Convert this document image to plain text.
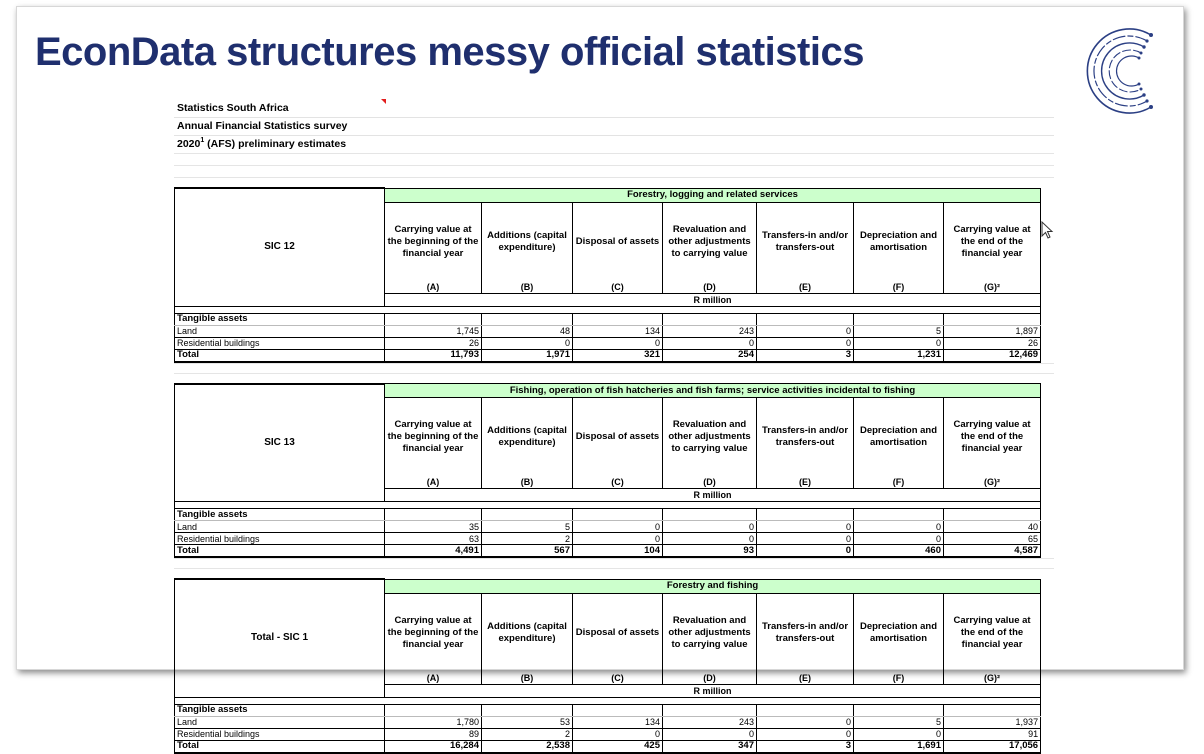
EconData structures messy official statistics
Statistics South Africa
Annual Financial Statistics survey
2020$^1$ (AFS) preliminary estimates
SIC 12	Forestry, logging and related services						
	Carrying value at the beginning of the financial year	Additions (capital expenditure)	Disposal of assets	Revaluation and other adjustments to carrying value	Transfers-in and/or transfers-out	Depreciation and amortisation	Carrying value at the end of the financial year
	(A)	(B)	(C)	(D)	(E)	(F)	(G)²
	R million						

Tangible assets							
Land	1,745	48	134	243	0	5	1,897
Residential buildings	26	0	0	0	0	0	26
Total	11,793	1,971	321	254	3	1,231	12,469
SIC 13	Fishing, operation of fish hatcheries and fish farms; service activities incidental to fishing						
	Carrying value at the beginning of the financial year	Additions (capital expenditure)	Disposal of assets	Revaluation and other adjustments to carrying value	Transfers-in and/or transfers-out	Depreciation and amortisation	Carrying value at the end of the financial year
	(A)	(B)	(C)	(D)	(E)	(F)	(G)²
	R million						

Tangible assets							
Land	35	5	0	0	0	0	40
Residential buildings	63	2	0	0	0	0	65
Total	4,491	567	104	93	0	460	4,587
Total - SIC 1	Forestry and fishing						
	Carrying value at the beginning of the financial year	Additions (capital expenditure)	Disposal of assets	Revaluation and other adjustments to carrying value	Transfers-in and/or transfers-out	Depreciation and amortisation	Carrying value at the end of the financial year
	(A)	(B)	(C)	(D)	(E)	(F)	(G)²
	R million						

Tangible assets							
Land	1,780	53	134	243	0	5	1,937
Residential buildings	89	2	0	0	0	0	91
Total	16,284	2,538	425	347	3	1,691	17,056
